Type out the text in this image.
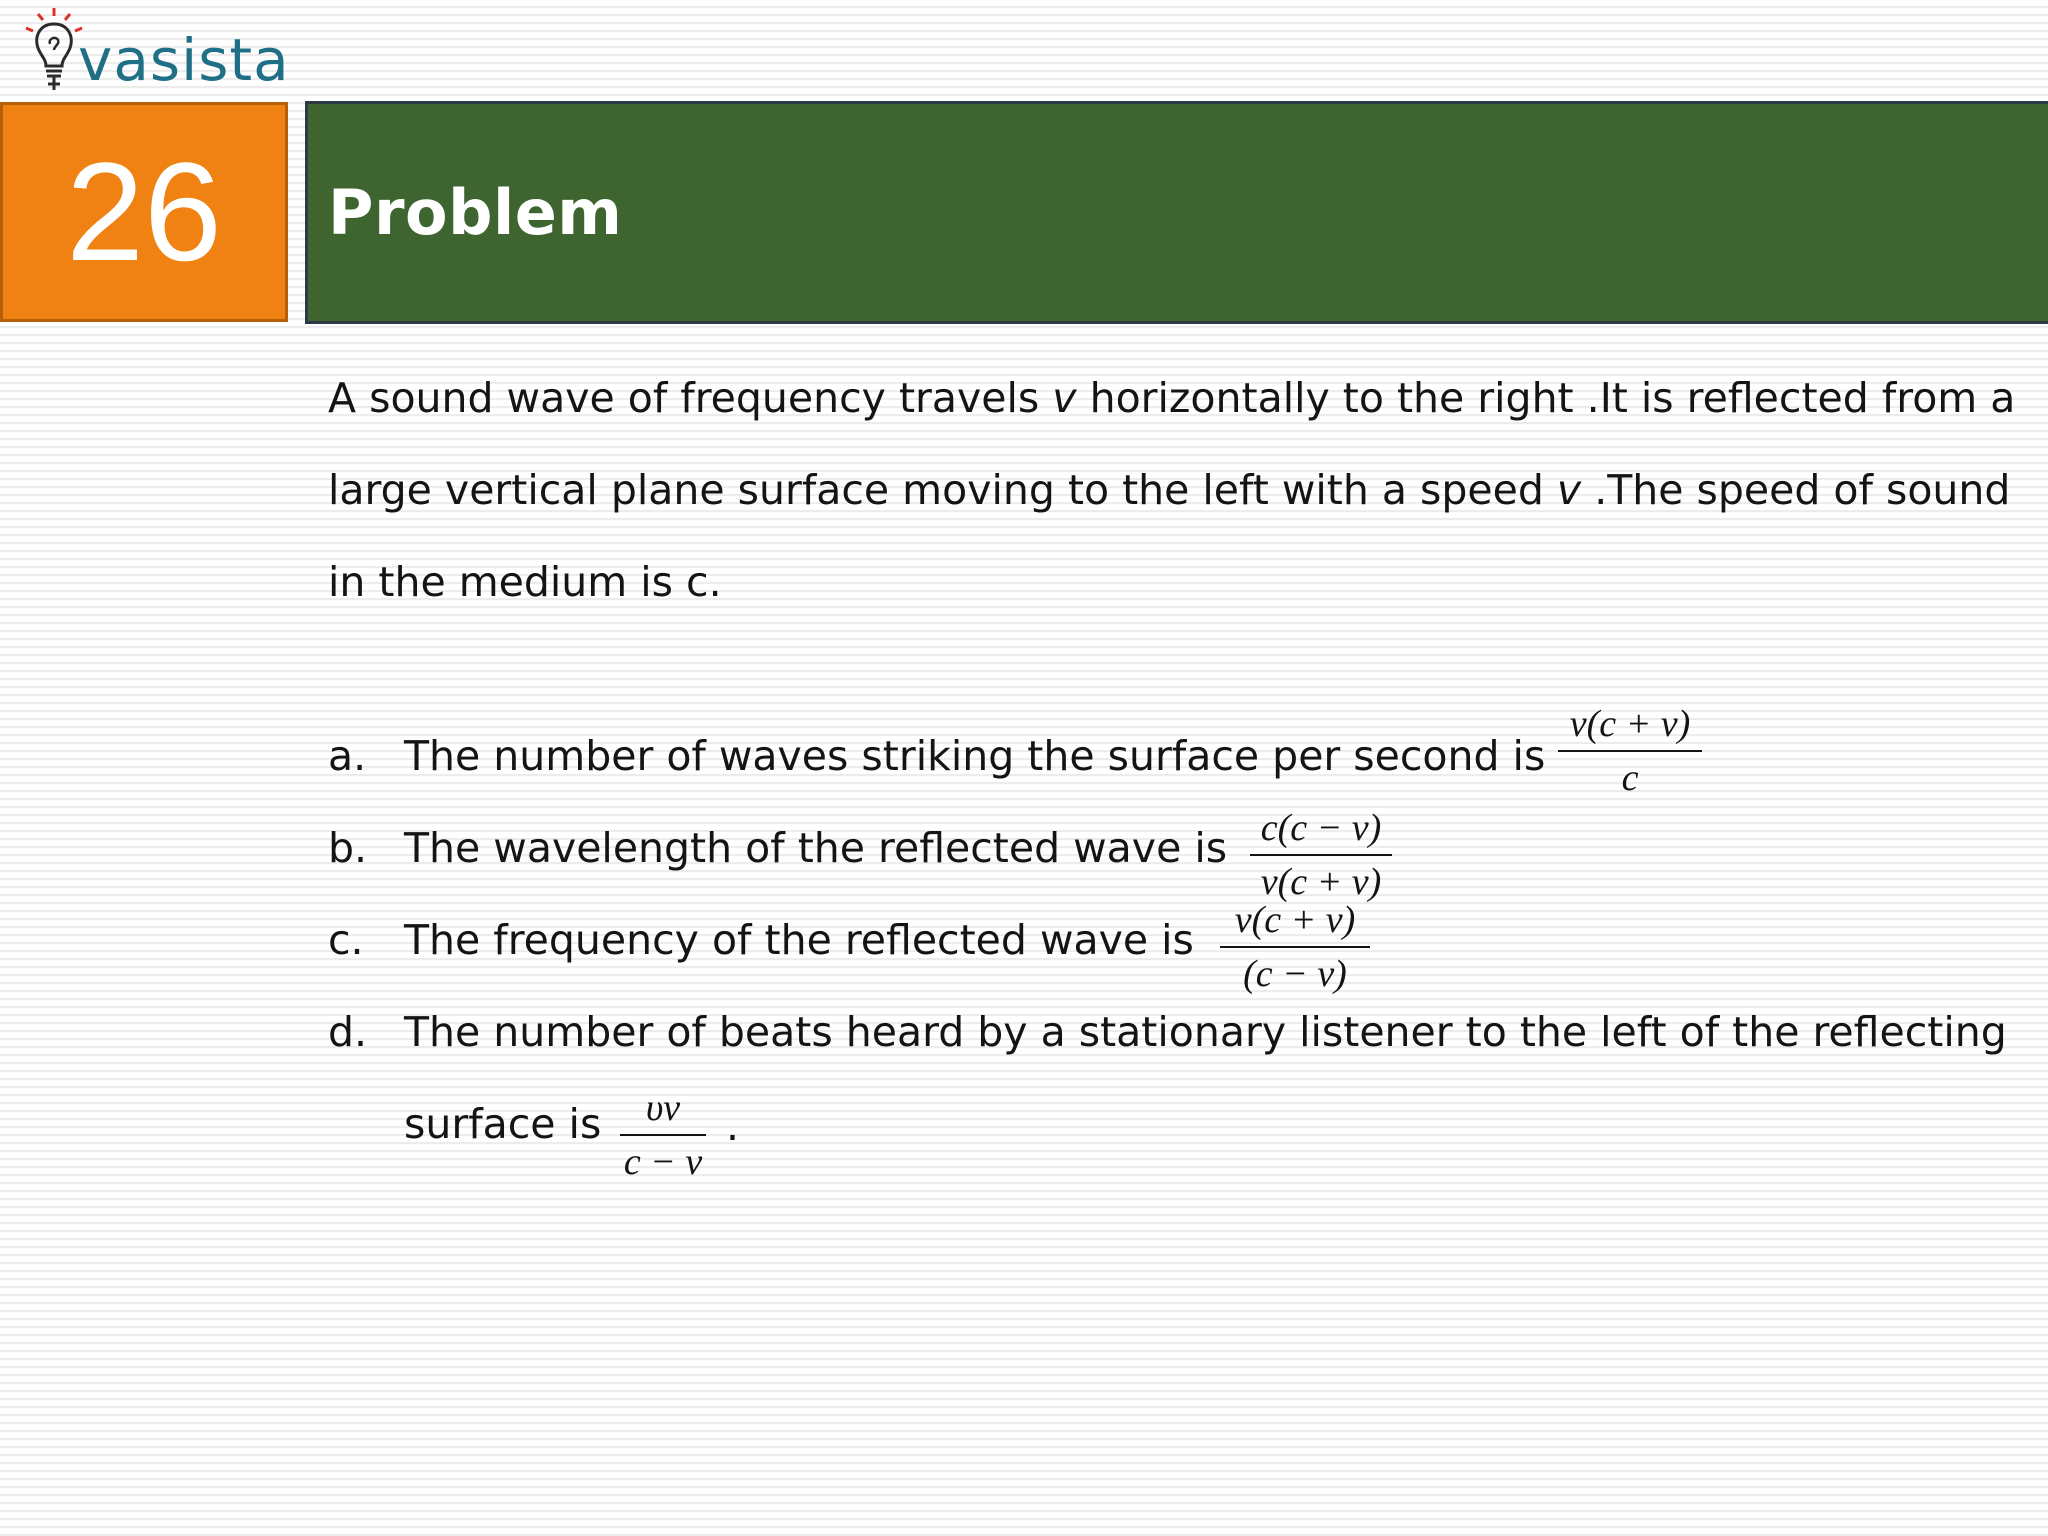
vasista
26 Problem
A sound wave of frequency travels v horizontally to the right .It is reflected from a
large vertical plane surface moving to the left with a speed v .The speed of sound
in the medium is c.
a. The number of waves striking the surface per second is
v(c + v)
c
b. The wavelength of the reflected wave is c(c − v)
v(c + v)
c. The frequency of the reflected wave is	v(c + v)
(c − v)
d. The number of beats heard by a stationary listener to the left of the reflecting
surface is	υv
c − v
.
